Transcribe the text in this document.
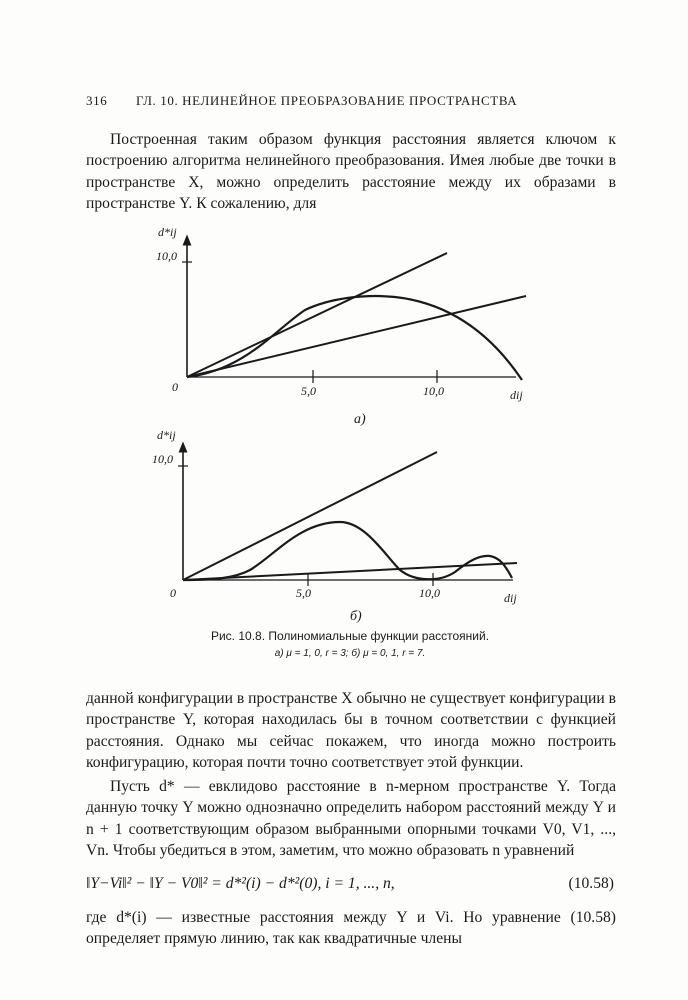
316 ГЛ. 10. НЕЛИНЕЙНОЕ ПРЕОБРАЗОВАНИЕ ПРОСТРАНСТВА

Построенная таким образом функция расстояния является ключом к построению алгоритма нелинейного преобразования. Имея любые две точки в пространстве X, можно определить расстояние между их образами в пространстве Y. К сожалению, для

d*ij
10,0
0	5,0	10,0	dij
а)
d*ij
10,0
0	5,0	10,0	dij
б)
Рис. 10.8. Полиномиальные функции расстояний.
а) μ = 1, 0, r = 3; б) μ = 0, 1, r = 7.

данной конфигурации в пространстве X обычно не существует конфигурации в пространстве Y, которая находилась бы в точном соответствии с функцией расстояния. Однако мы сейчас покажем, что иногда можно построить конфигурацию, которая почти точно соответствует этой функции.

Пусть d* — евклидово расстояние в n-мерном пространстве Y. Тогда данную точку Y можно однозначно определить набором расстояний между Y и n + 1 соответствующим образом выбранными опорными точками V0, V1, ..., Vn. Чтобы убедиться в этом, заметим, что можно образовать n уравнений

‖Y−Vi‖² − ‖Y − V0‖² = d*²(i) − d*²(0), i = 1, ..., n,	(10.58)

где d*(i) — известные расстояния между Y и Vi. Но уравнение (10.58) определяет прямую линию, так как квадратичные члены
